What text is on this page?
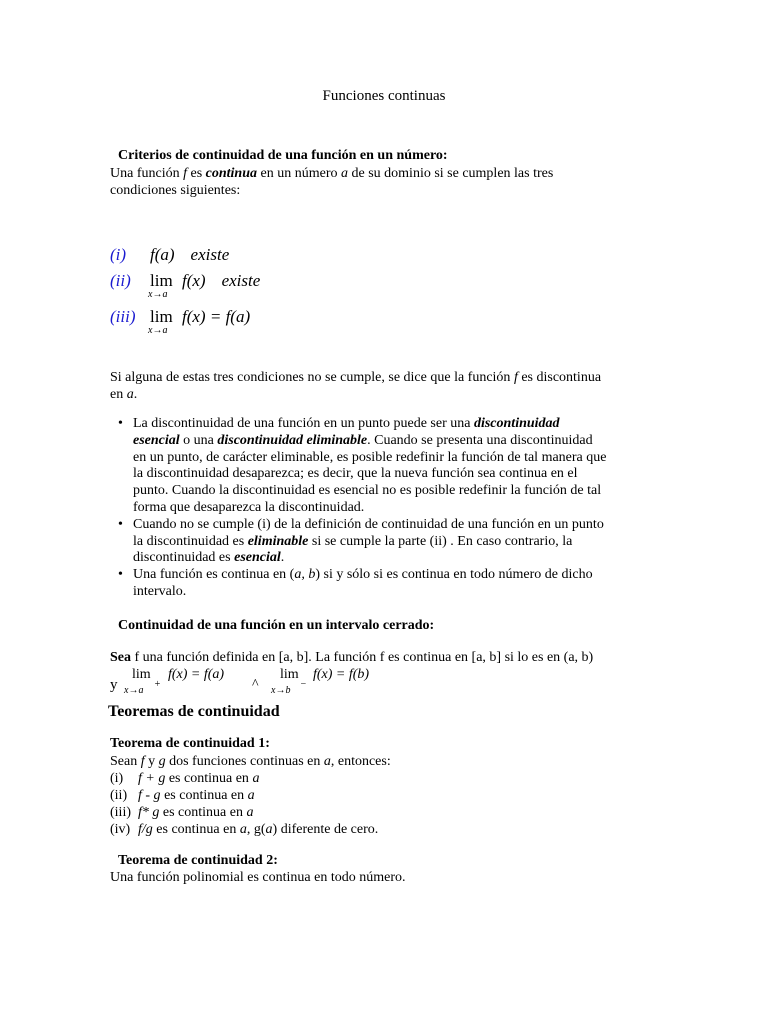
Funciones continuas
Criterios de continuidad de una función en un número:
Una función f es continua en un número a de su dominio si se cumplen las tres
condiciones siguientes:
(i) f(a) existe
(ii) lim
x→a
f(x) existe
(iii) lim
x→a
f(x) = f(a)
Si alguna de estas tres condiciones no se cumple, se dice que la función f es discontinua
en a.
• La discontinuidad de una función en un punto puede ser una discontinuidad
esencial o una discontinuidad eliminable. Cuando se presenta una discontinuidad
en un punto, de carácter eliminable, es posible redefinir la función de tal manera que
la discontinuidad desaparezca; es decir, que la nueva función sea continua en el
punto. Cuando la discontinuidad es esencial no es posible redefinir la función de tal
forma que desaparezca la discontinuidad.
• Cuando no se cumple (i) de la definición de continuidad de una función en un punto
la discontinuidad es eliminable si se cumple la parte (ii) . En caso contrario, la
discontinuidad es esencial.
• Una función es continua en (a, b) si y sólo si es continua en todo número de dicho
intervalo.
Continuidad de una función en un intervalo cerrado:
Sea f una función definida en [a, b]. La función f es continua en [a, b] si lo es en (a, b)
y
lim
x→a
+
f(x) = f(a)
^
lim
x→b
−
f(x) = f(b)
Teoremas de continuidad
Teorema de continuidad 1:
Sean f y g dos funciones continuas en a, entonces:
(i) f + g es continua en a
(ii) f - g es continua en a
(iii) f* g es continua en a
(iv) f/g es continua en a, g(a) diferente de cero.
Teorema de continuidad 2:
Una función polinomial es continua en todo número.
